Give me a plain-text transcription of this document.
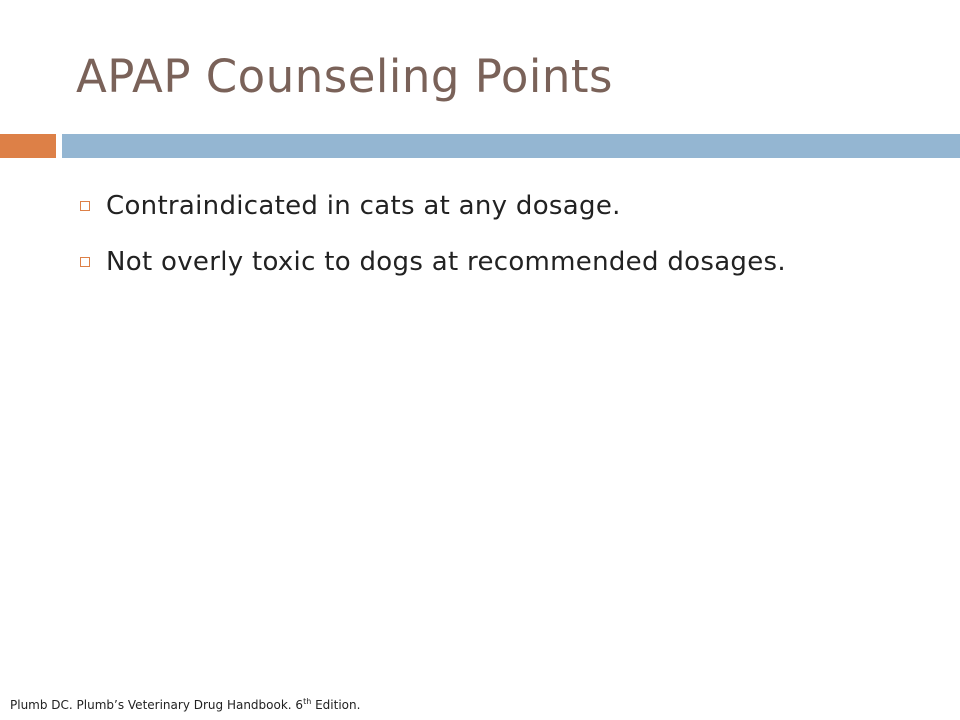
APAP Counseling Points
Contraindicated in cats at any dosage.
Not overly toxic to dogs at recommended dosages.
Plumb DC. Plumb’s Veterinary Drug Handbook. 6th Edition.
